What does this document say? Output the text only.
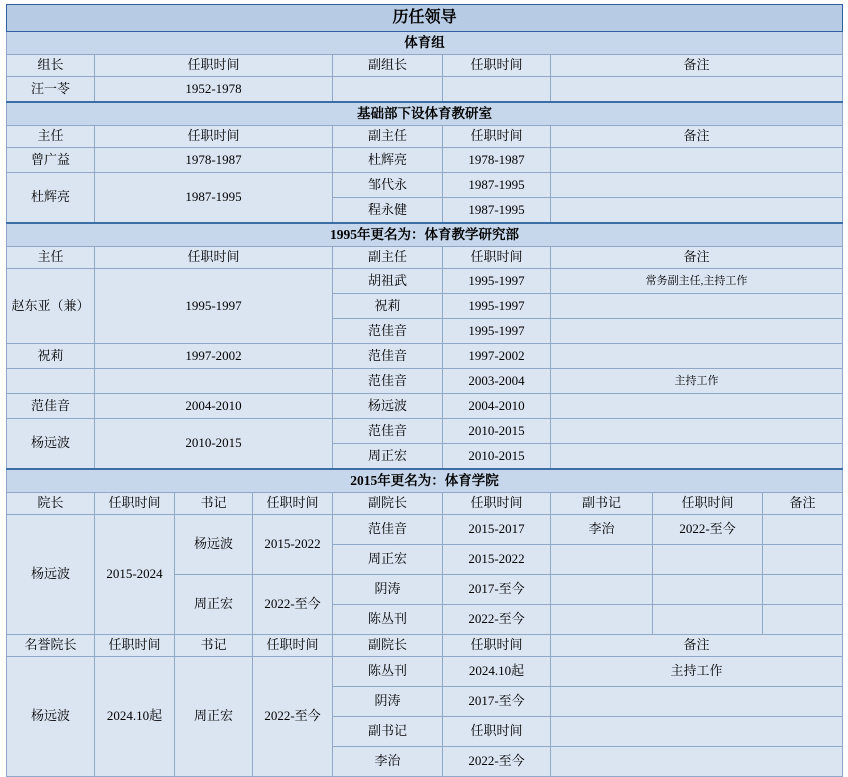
历任领导								
体育组								
组长	任职时间			副组长	任职时间	备注		
汪一苓	1952-1978							
基础部下设体育教研室								
主任	任职时间			副主任	任职时间	备注		
曾广益	1978-1987			杜辉亮	1978-1987			
杜辉亮	1987-1995			邹代永	1987-1995			
				程永健	1987-1995			
1995年更名为：体育教学研究部								
主任	任职时间			副主任	任职时间	备注		
赵东亚（兼）	1995-1997			胡祖武	1995-1997	常务副主任,主持工作		
				祝莉	1995-1997			
				范佳音	1995-1997			
祝莉	1997-2002			范佳音	1997-2002			
				范佳音	2003-2004	主持工作		
范佳音	2004-2010			杨远波	2004-2010			
杨远波	2010-2015			范佳音	2010-2015			
				周正宏	2010-2015			
2015年更名为：体育学院								
院长	任职时间	书记	任职时间	副院长	任职时间	副书记	任职时间	备注
杨远波	2015-2024	杨远波	2015-2022	范佳音	2015-2017	李治	2022-至今	
				周正宏	2015-2022			
		周正宏	2022-至今	阴涛	2017-至今			
				陈丛刊	2022-至今			
名誉院长	任职时间	书记	任职时间	副院长	任职时间	备注		
杨远波	2024.10起	周正宏	2022-至今	陈丛刊	2024.10起	主持工作		
				阴涛	2017-至今			
				副书记	任职时间			
				李治	2022-至今			
